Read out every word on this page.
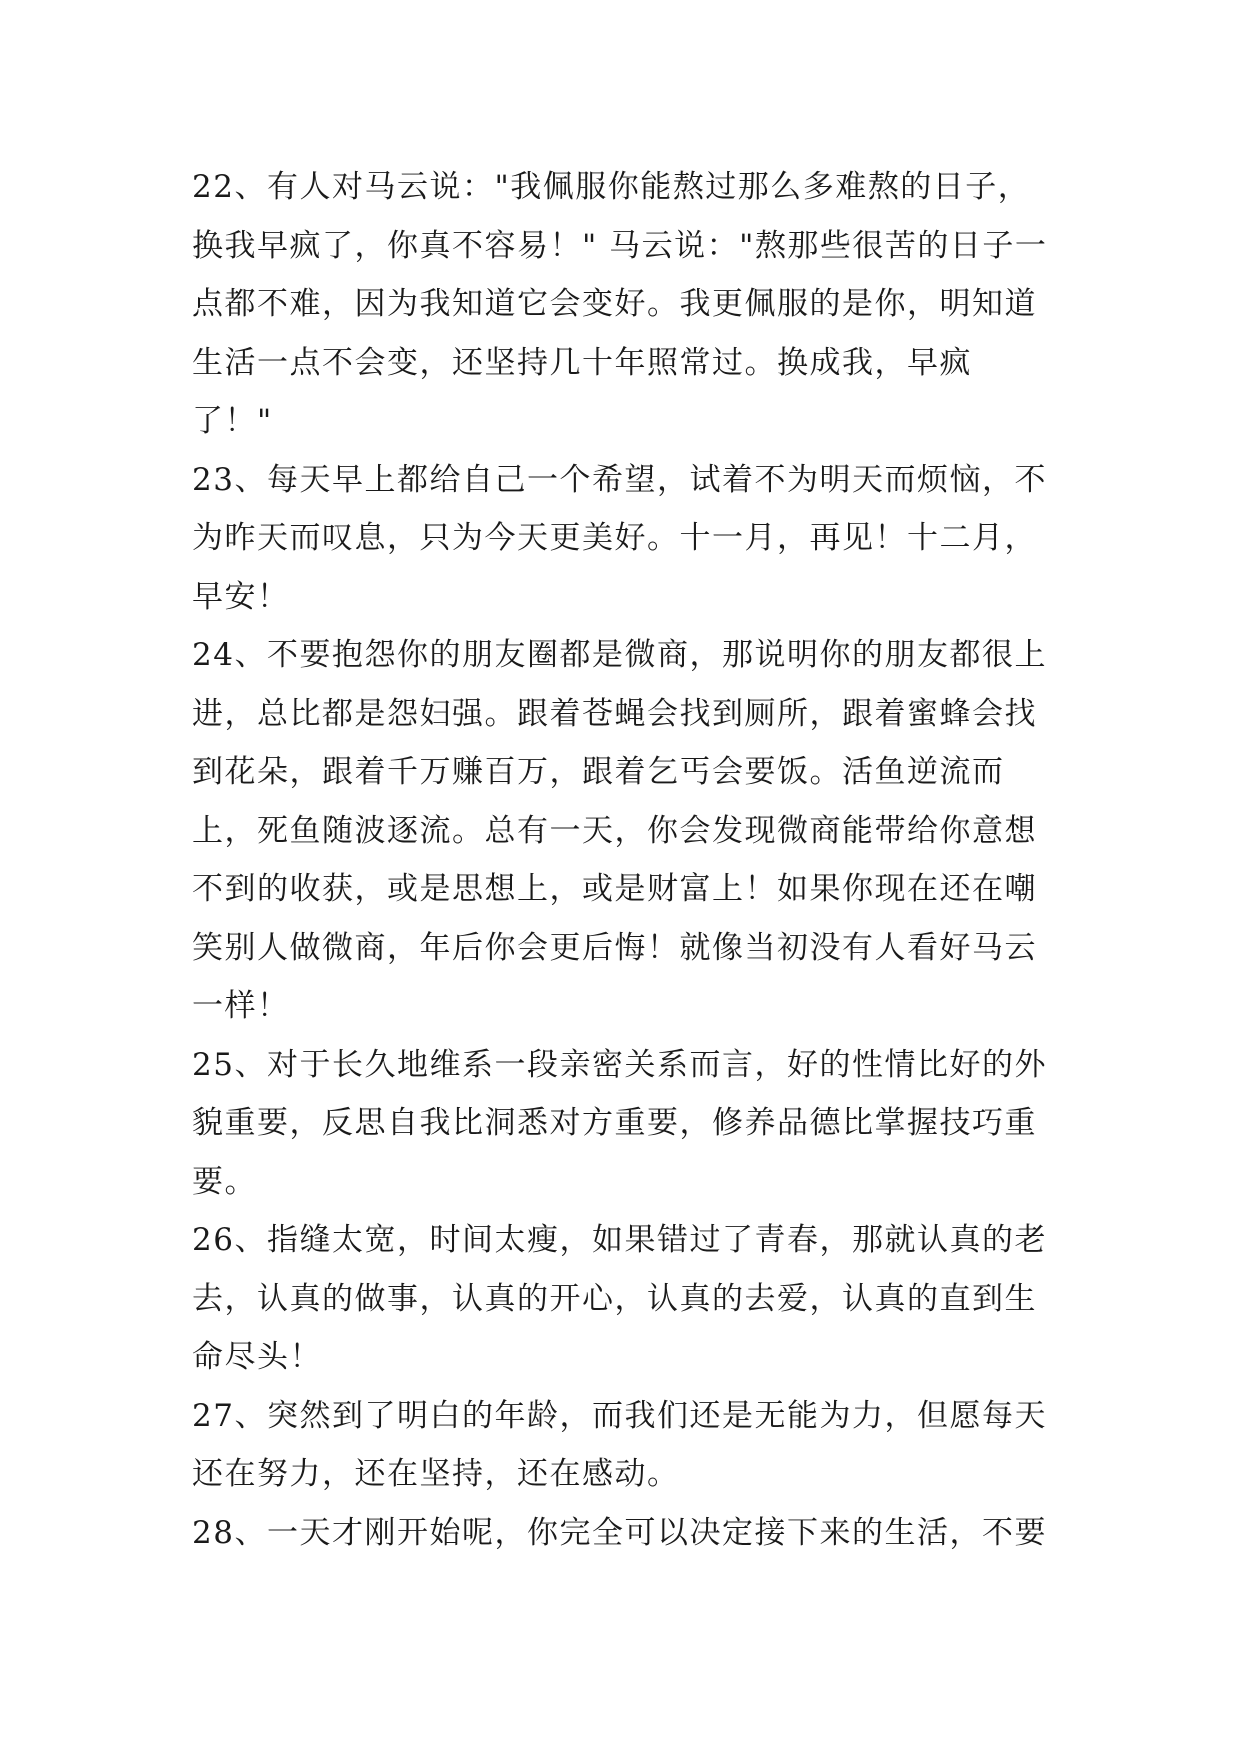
22、有人对马云说："我佩服你能熬过那么多难熬的日子，换我早疯了，你真不容易！" 马云说："熬那些很苦的日子一点都不难，因为我知道它会变好。我更佩服的是你，明知道生活一点不会变，还坚持几十年照常过。换成我，早疯了！"

23、每天早上都给自己一个希望，试着不为明天而烦恼，不为昨天而叹息，只为今天更美好。十一月，再见！十二月，早安！

24、不要抱怨你的朋友圈都是微商，那说明你的朋友都很上进，总比都是怨妇强。跟着苍蝇会找到厕所，跟着蜜蜂会找到花朵，跟着千万赚百万，跟着乞丐会要饭。活鱼逆流而上，死鱼随波逐流。总有一天，你会发现微商能带给你意想不到的收获，或是思想上，或是财富上！如果你现在还在嘲笑别人做微商，年后你会更后悔！就像当初没有人看好马云一样！

25、对于长久地维系一段亲密关系而言，好的性情比好的外貌重要，反思自我比洞悉对方重要，修养品德比掌握技巧重要。

26、指缝太宽，时间太瘦，如果错过了青春，那就认真的老去，认真的做事，认真的开心，认真的去爱，认真的直到生命尽头！

27、突然到了明白的年龄，而我们还是无能为力，但愿每天还在努力，还在坚持，还在感动。

28、一天才刚开始呢，你完全可以决定接下来的生活，不要
